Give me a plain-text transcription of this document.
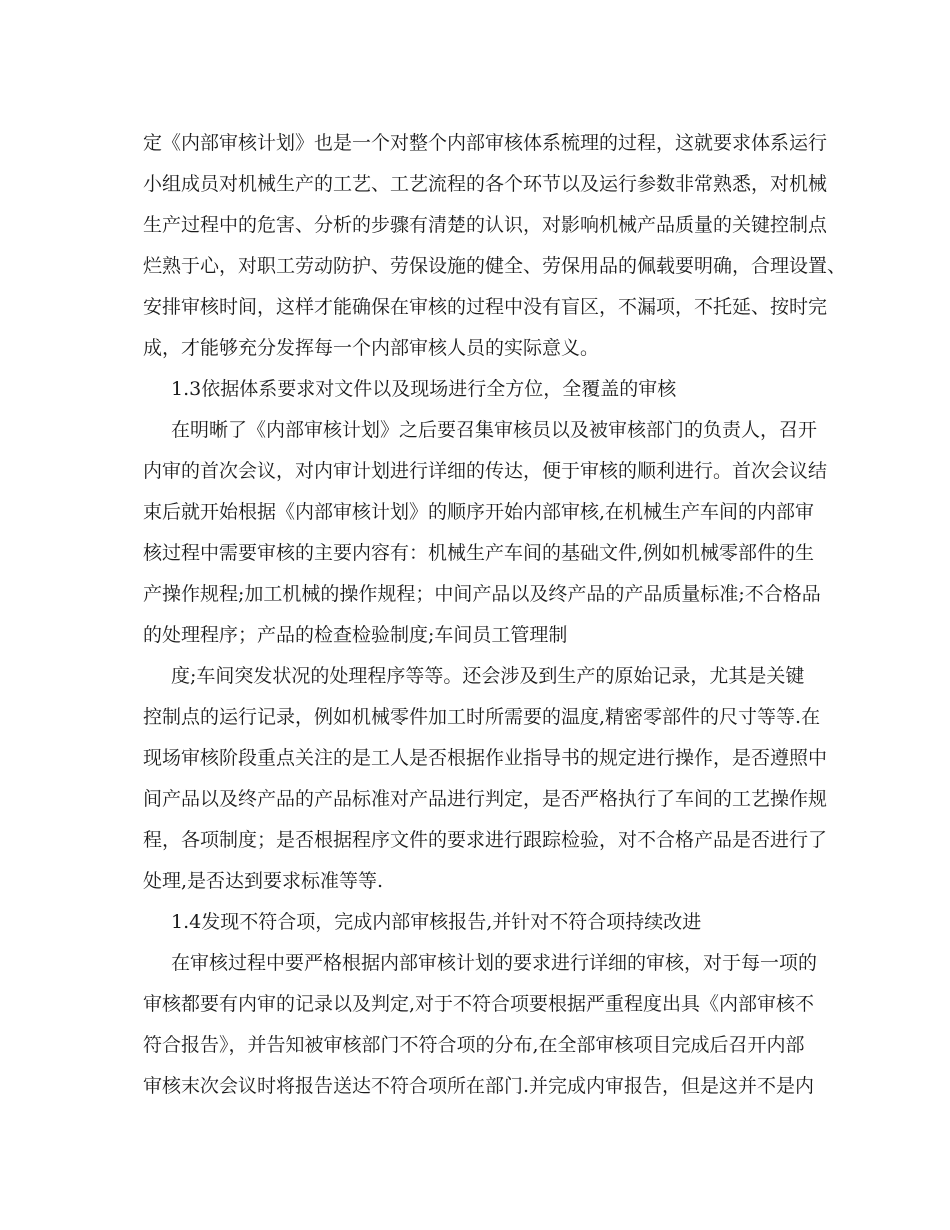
定《内部审核计划》也是一个对整个内部审核体系梳理的过程，这就要求体系运行
小组成员对机械生产的工艺、工艺流程的各个环节以及运行参数非常熟悉，对机械
生产过程中的危害、分析的步骤有清楚的认识，对影响机械产品质量的关键控制点
烂熟于心，对职工劳动防护、劳保设施的健全、劳保用品的佩载要明确，合理设置、
安排审核时间，这样才能确保在审核的过程中没有盲区，不漏项，不托延、按时完
成，才能够充分发挥每一个内部审核人员的实际意义。
1.3依据体系要求对文件以及现场进行全方位，全覆盖的审核
在明晰了《内部审核计划》之后要召集审核员以及被审核部门的负责人，召开
内审的首次会议，对内审计划进行详细的传达，便于审核的顺利进行。首次会议结
束后就开始根据《内部审核计划》的顺序开始内部审核,在机械生产车间的内部审
核过程中需要审核的主要内容有：机械生产车间的基础文件,例如机械零部件的生
产操作规程;加工机械的操作规程；中间产品以及终产品的产品质量标准;不合格品
的处理程序；产品的检查检验制度;车间员工管理制
度;车间突发状况的处理程序等等。还会涉及到生产的原始记录，尤其是关键
控制点的运行记录，例如机械零件加工时所需要的温度,精密零部件的尺寸等等.在
现场审核阶段重点关注的是工人是否根据作业指导书的规定进行操作，是否遵照中
间产品以及终产品的产品标准对产品进行判定，是否严格执行了车间的工艺操作规
程，各项制度；是否根据程序文件的要求进行跟踪检验，对不合格产品是否进行了
处理,是否达到要求标准等等.
1.4发现不符合项，完成内部审核报告,并针对不符合项持续改进
在审核过程中要严格根据内部审核计划的要求进行详细的审核，对于每一项的
审核都要有内审的记录以及判定,对于不符合项要根据严重程度出具《内部审核不
符合报告》，并告知被审核部门不符合项的分布,在全部审核项目完成后召开内部
审核末次会议时将报告送达不符合项所在部门.并完成内审报告，但是这并不是内
